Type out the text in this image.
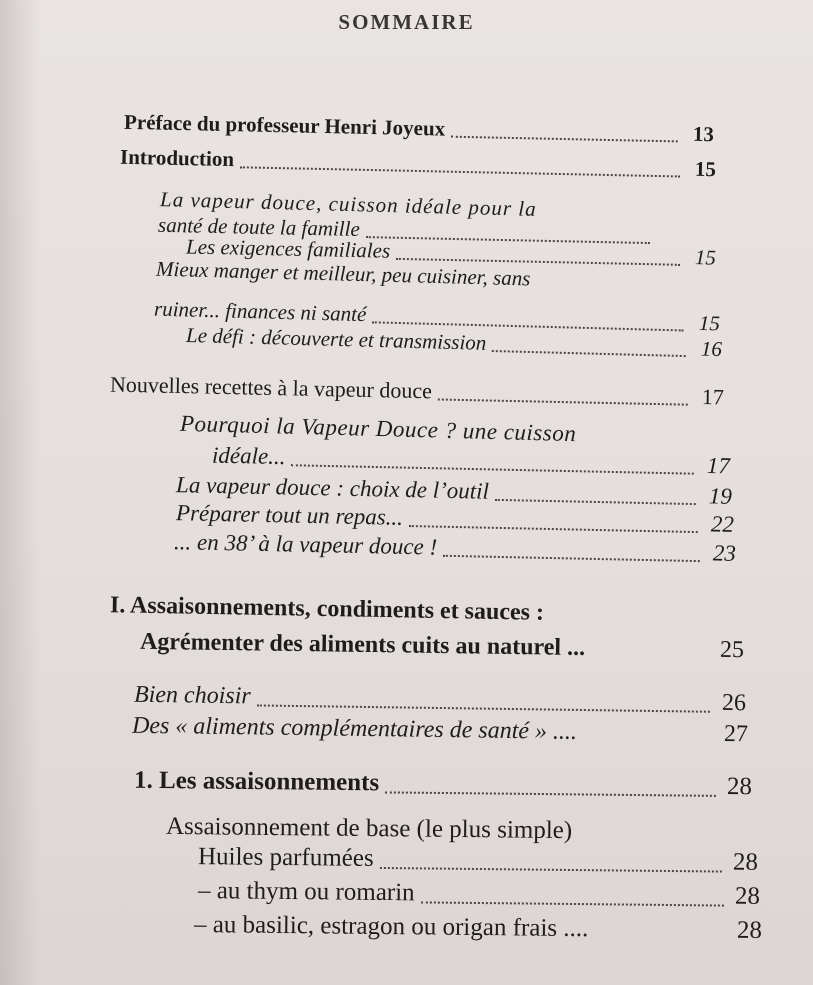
SOMMAIRE
Préface du professeur Henri Joyeux	13
Introduction	15
La vapeur douce, cuisson idéale pour la
santé de toute la famille
Les exigences familiales	15
Mieux manger et meilleur, peu cuisiner, sans
ruiner... finances ni santé	15
Le défi : découverte et transmission	16
Nouvelles recettes à la vapeur douce	17
Pourquoi la Vapeur Douce ? une cuisson
idéale...	17
La vapeur douce : choix de l’outil	19
Préparer tout un repas...	22
... en 38’ à la vapeur douce !	23
I. Assaisonnements, condiments et sauces :
Agrémenter des aliments cuits au naturel ...	25
Bien choisir	26
Des « aliments complémentaires de santé » ....	27
1. Les assaisonnements	28
Assaisonnement de base (le plus simple)
Huiles parfumées	28
– au thym ou romarin	28
– au basilic, estragon ou origan frais ....	28
